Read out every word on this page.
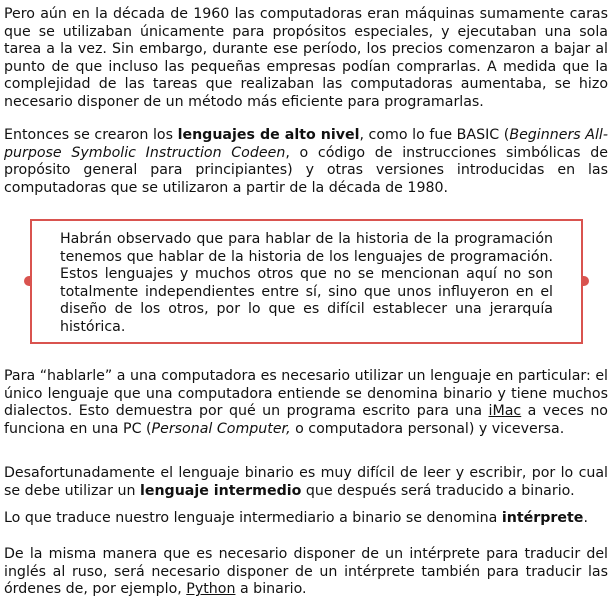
Pero aún en la década de 1960 las computadoras eran máquinas sumamente caras que se utilizaban únicamente para propósitos especiales, y ejecutaban una sola tarea a la vez. Sin embargo, durante ese período, los precios comenzaron a bajar al punto de que incluso las pequeñas empresas podían comprarlas. A medida que la complejidad de las tareas que realizaban las computadoras aumentaba, se hizo necesario disponer de un método más eficiente para programarlas.

Entonces se crearon los lenguajes de alto nivel, como lo fue BASIC (Beginners All-purpose Symbolic Instruction Codeen, o código de instrucciones simbólicas de propósito general para principiantes) y otras versiones introducidas en las computadoras que se utilizaron a partir de la década de 1980.

Habrán observado que para hablar de la historia de la programación tenemos que hablar de la historia de los lenguajes de programación. Estos lenguajes y muchos otros que no se mencionan aquí no son totalmente independientes entre sí, sino que unos influyeron en el diseño de los otros, por lo que es difícil establecer una jerarquía histórica.

Para “hablarle” a una computadora es necesario utilizar un lenguaje en particular: el único lenguaje que una computadora entiende se denomina binario y tiene muchos dialectos. Esto demuestra por qué un programa escrito para una iMac a veces no funciona en una PC (Personal Computer, o computadora personal) y viceversa.

Desafortunadamente el lenguaje binario es muy difícil de leer y escribir, por lo cual se debe utilizar un lenguaje intermedio que después será traducido a binario.

Lo que traduce nuestro lenguaje intermediario a binario se denomina intérprete.

De la misma manera que es necesario disponer de un intérprete para traducir del inglés al ruso, será necesario disponer de un intérprete también para traducir las órdenes de, por ejemplo, Python a binario.
